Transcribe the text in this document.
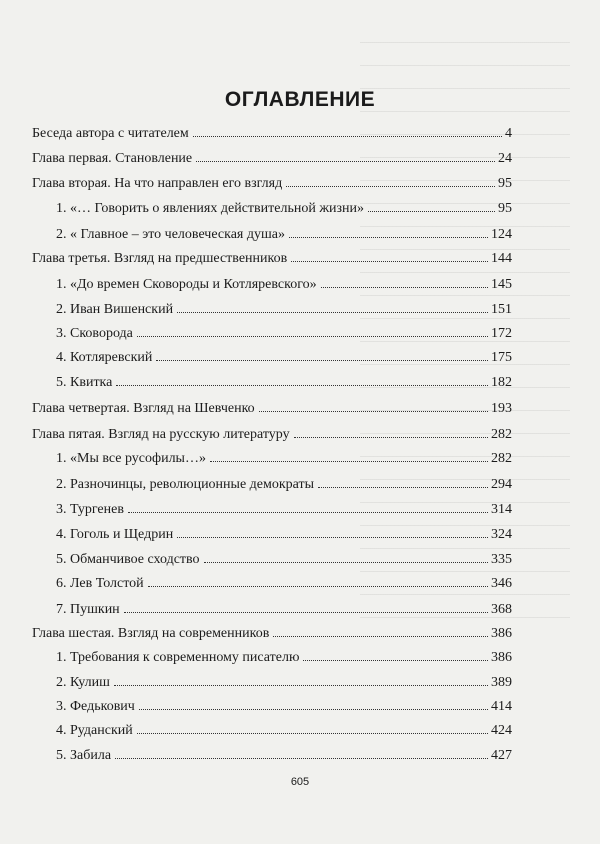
ОГЛАВЛЕНИЕ
Беседа автора с читателем	4
Глава первая. Становление	24
Глава вторая. На что направлен его взгляд	95
1. «… Говорить о явлениях действительной жизни»	95
2. « Главное – это человеческая душа»	124
Глава третья. Взгляд на предшественников	144
1. «До времен Сковороды и Котляревского»	145
2. Иван Вишенский	151
3. Сковорода	172
4. Котляревский	175
5. Квитка	182
Глава четвертая. Взгляд на Шевченко	193
Глава пятая. Взгляд на русскую литературу	282
1. «Мы все русофилы…»	282
2. Разночинцы, революционные демократы	294
3. Тургенев	314
4. Гоголь и Щедрин	324
5. Обманчивое сходство	335
6. Лев Толстой	346
7. Пушкин	368
Глава шестая. Взгляд на современников	386
1. Требования к современному писателю	386
2. Кулиш	389
3. Федькович	414
4. Руданский	424
5. Забила	427
605
